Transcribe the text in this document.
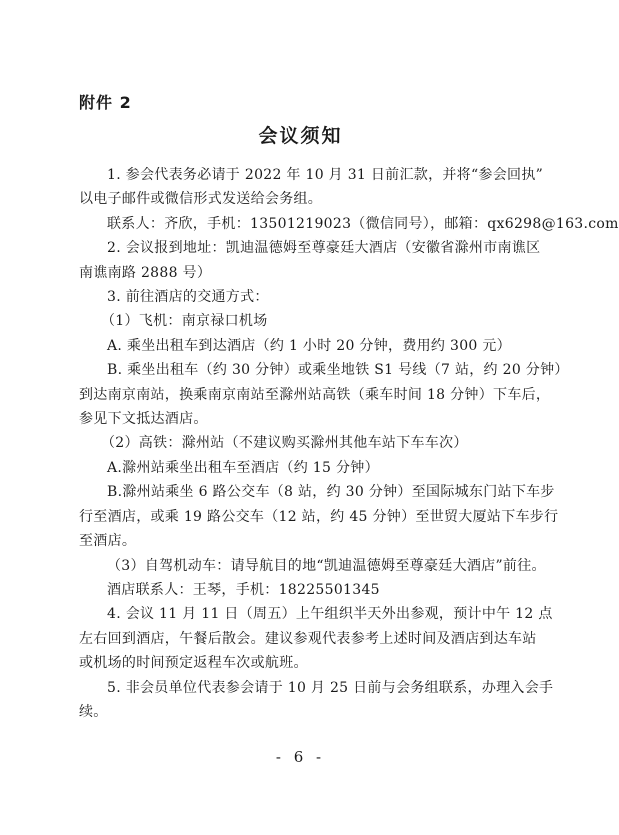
附件 2
会议须知

1. 参会代表务必请于 2022 年 10 月 31 日前汇款，并将“参会回执”

以电子邮件或微信形式发送给会务组。

联系人：齐欣，手机：13501219023（微信同号），邮箱：qx6298@163.com

2. 会议报到地址：凯迪温德姆至尊豪廷大酒店（安徽省滁州市南谯区

南谯南路 2888 号）

3. 前往酒店的交通方式：

（1）飞机：南京禄口机场

A. 乘坐出租车到达酒店（约 1 小时 20 分钟，费用约 300 元）

B. 乘坐出租车（约 30 分钟）或乘坐地铁 S1 号线（7 站，约 20 分钟）

到达南京南站，换乘南京南站至滁州站高铁（乘车时间 18 分钟）下车后，

参见下文抵达酒店。

（2）高铁：滁州站（不建议购买滁州其他车站下车车次）

A.滁州站乘坐出租车至酒店（约 15 分钟）

B.滁州站乘坐 6 路公交车（8 站，约 30 分钟）至国际城东门站下车步

行至酒店，或乘 19 路公交车（12 站，约 45 分钟）至世贸大厦站下车步行

至酒店。

（3）自驾机动车：请导航目的地“凯迪温德姆至尊豪廷大酒店”前往。

酒店联系人：王琴，手机：18225501345

4. 会议 11 月 11 日（周五）上午组织半天外出参观，预计中午 12 点

左右回到酒店，午餐后散会。建议参观代表参考上述时间及酒店到达车站

或机场的时间预定返程车次或航班。

5. 非会员单位代表参会请于 10 月 25 日前与会务组联系，办理入会手

续。

- 6 -
